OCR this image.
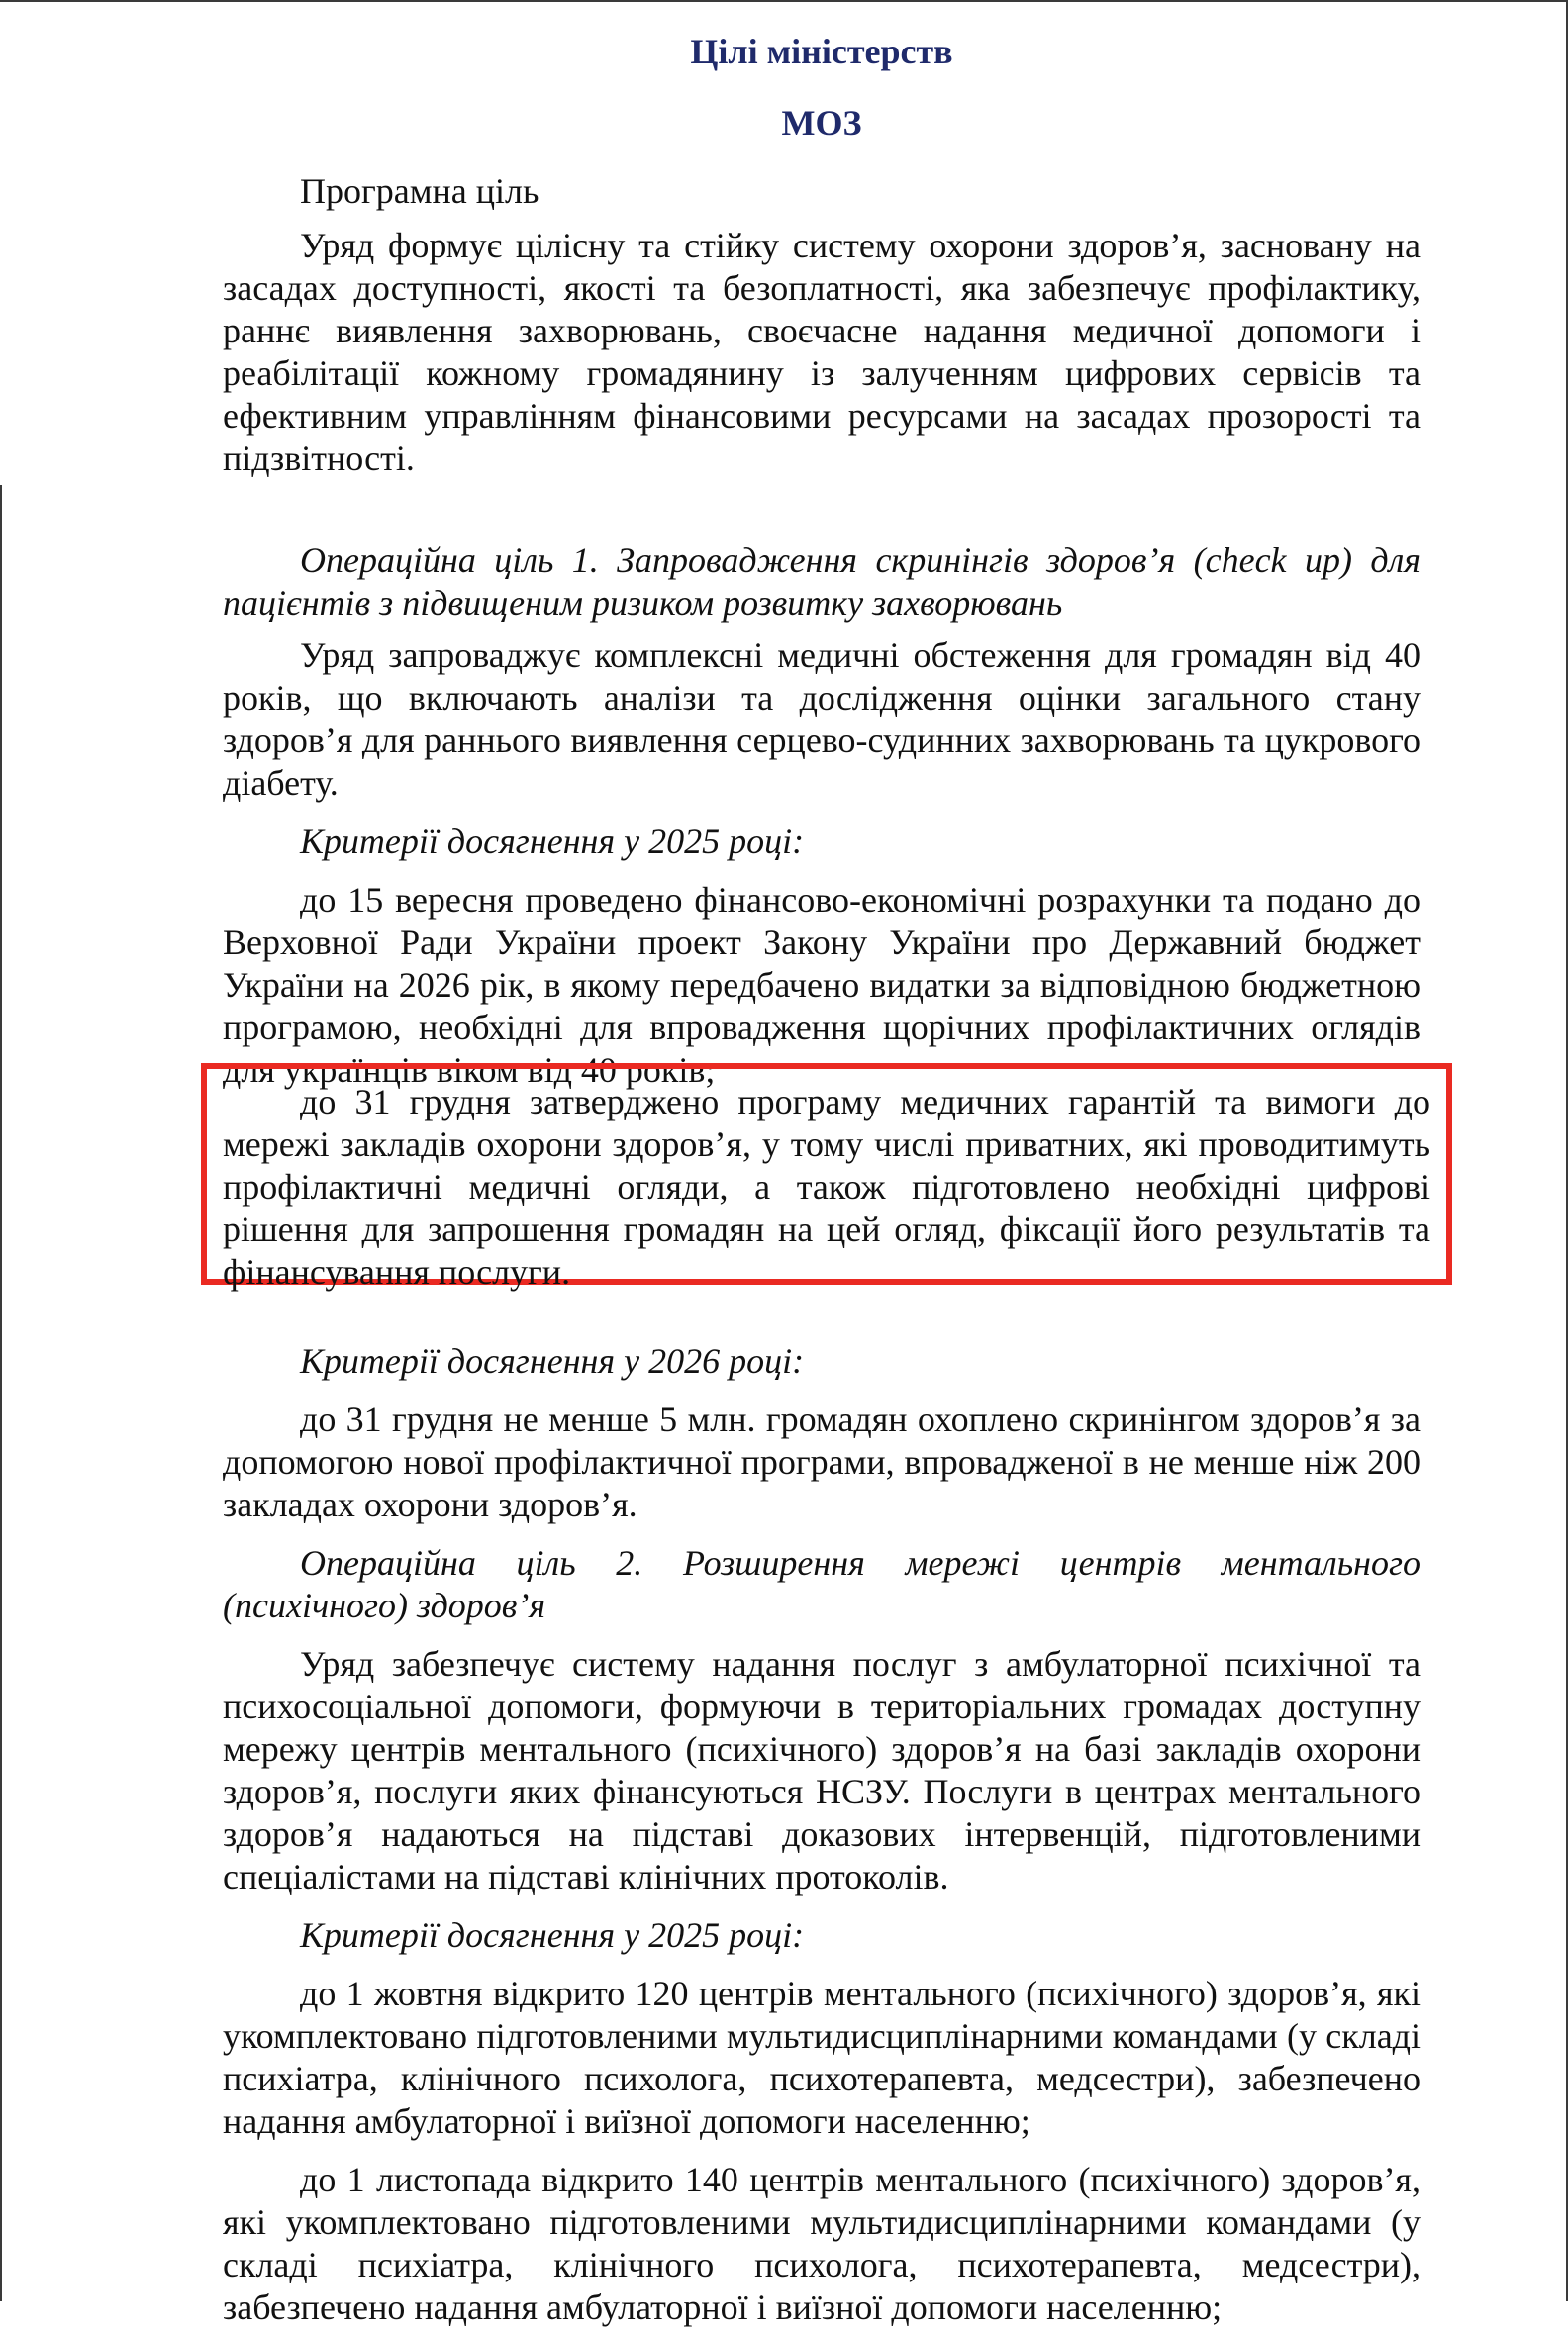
Цілі міністерств
МОЗ

Програмна ціль

Уряд формує цілісну та стійку систему охорони здоров’я, засновану на засадах доступності, якості та безоплатності, яка забезпечує профілактику, раннє виявлення захворювань, своєчасне надання медичної допомоги і реабілітації кожному громадянину із залученням цифрових сервісів та ефективним управлінням фінансовими ресурсами на засадах прозорості та підзвітності.

Операційна ціль 1. Запровадження скринінгів здоров’я (check up) для пацієнтів з підвищеним ризиком розвитку захворювань

Уряд запроваджує комплексні медичні обстеження для громадян від 40 років, що включають аналізи та дослідження оцінки загального стану здоров’я для раннього виявлення серцево-судинних захворювань та цукрового діабету.

Критерії досягнення у 2025 році:

до 15 вересня проведено фінансово-економічні розрахунки та подано до Верховної Ради України проект Закону України про Державний бюджет України на 2026 рік, в якому передбачено видатки за відповідною бюджетною програмою, необхідні для впровадження щорічних профілактичних оглядів для українців віком від 40 років;

Критерії досягнення у 2026 році:

до 31 грудня не менше 5 млн. громадян охоплено скринінгом здоров’я за допомогою нової профілактичної програми, впровадженої в не менше ніж 200 закладах охорони здоров’я.

Операційна ціль 2. Розширення мережі центрів ментального (психічного) здоров’я

Уряд забезпечує систему надання послуг з амбулаторної психічної та психосоціальної допомоги, формуючи в територіальних громадах доступну мережу центрів ментального (психічного) здоров’я на базі закладів охорони здоров’я, послуги яких фінансуються НСЗУ. Послуги в центрах ментального здоров’я надаються на підставі доказових інтервенцій, підготовленими спеціалістами на підставі клінічних протоколів.

Критерії досягнення у 2025 році:

до 1 жовтня відкрито 120 центрів ментального (психічного) здоров’я, які укомплектовано підготовленими мультидисциплінарними командами (у складі психіатра, клінічного психолога, психотерапевта, медсестри), забезпечено надання амбулаторної і виїзної допомоги населенню;

до 1 листопада відкрито 140 центрів ментального (психічного) здоров’я, які укомплектовано підготовленими мультидисциплінарними командами (у складі психіатра, клінічного психолога, психотерапевта, медсестри), забезпечено надання амбулаторної і виїзної допомоги населенню;

до 31 грудня затверджено програму медичних гарантій та вимоги до мережі закладів охорони здоров’я, у тому числі приватних, які проводитимуть профілактичні медичні огляди, а також підготовлено необхідні цифрові рішення для запрошення громадян на цей огляд, фіксації його результатів та фінансування послуги.
